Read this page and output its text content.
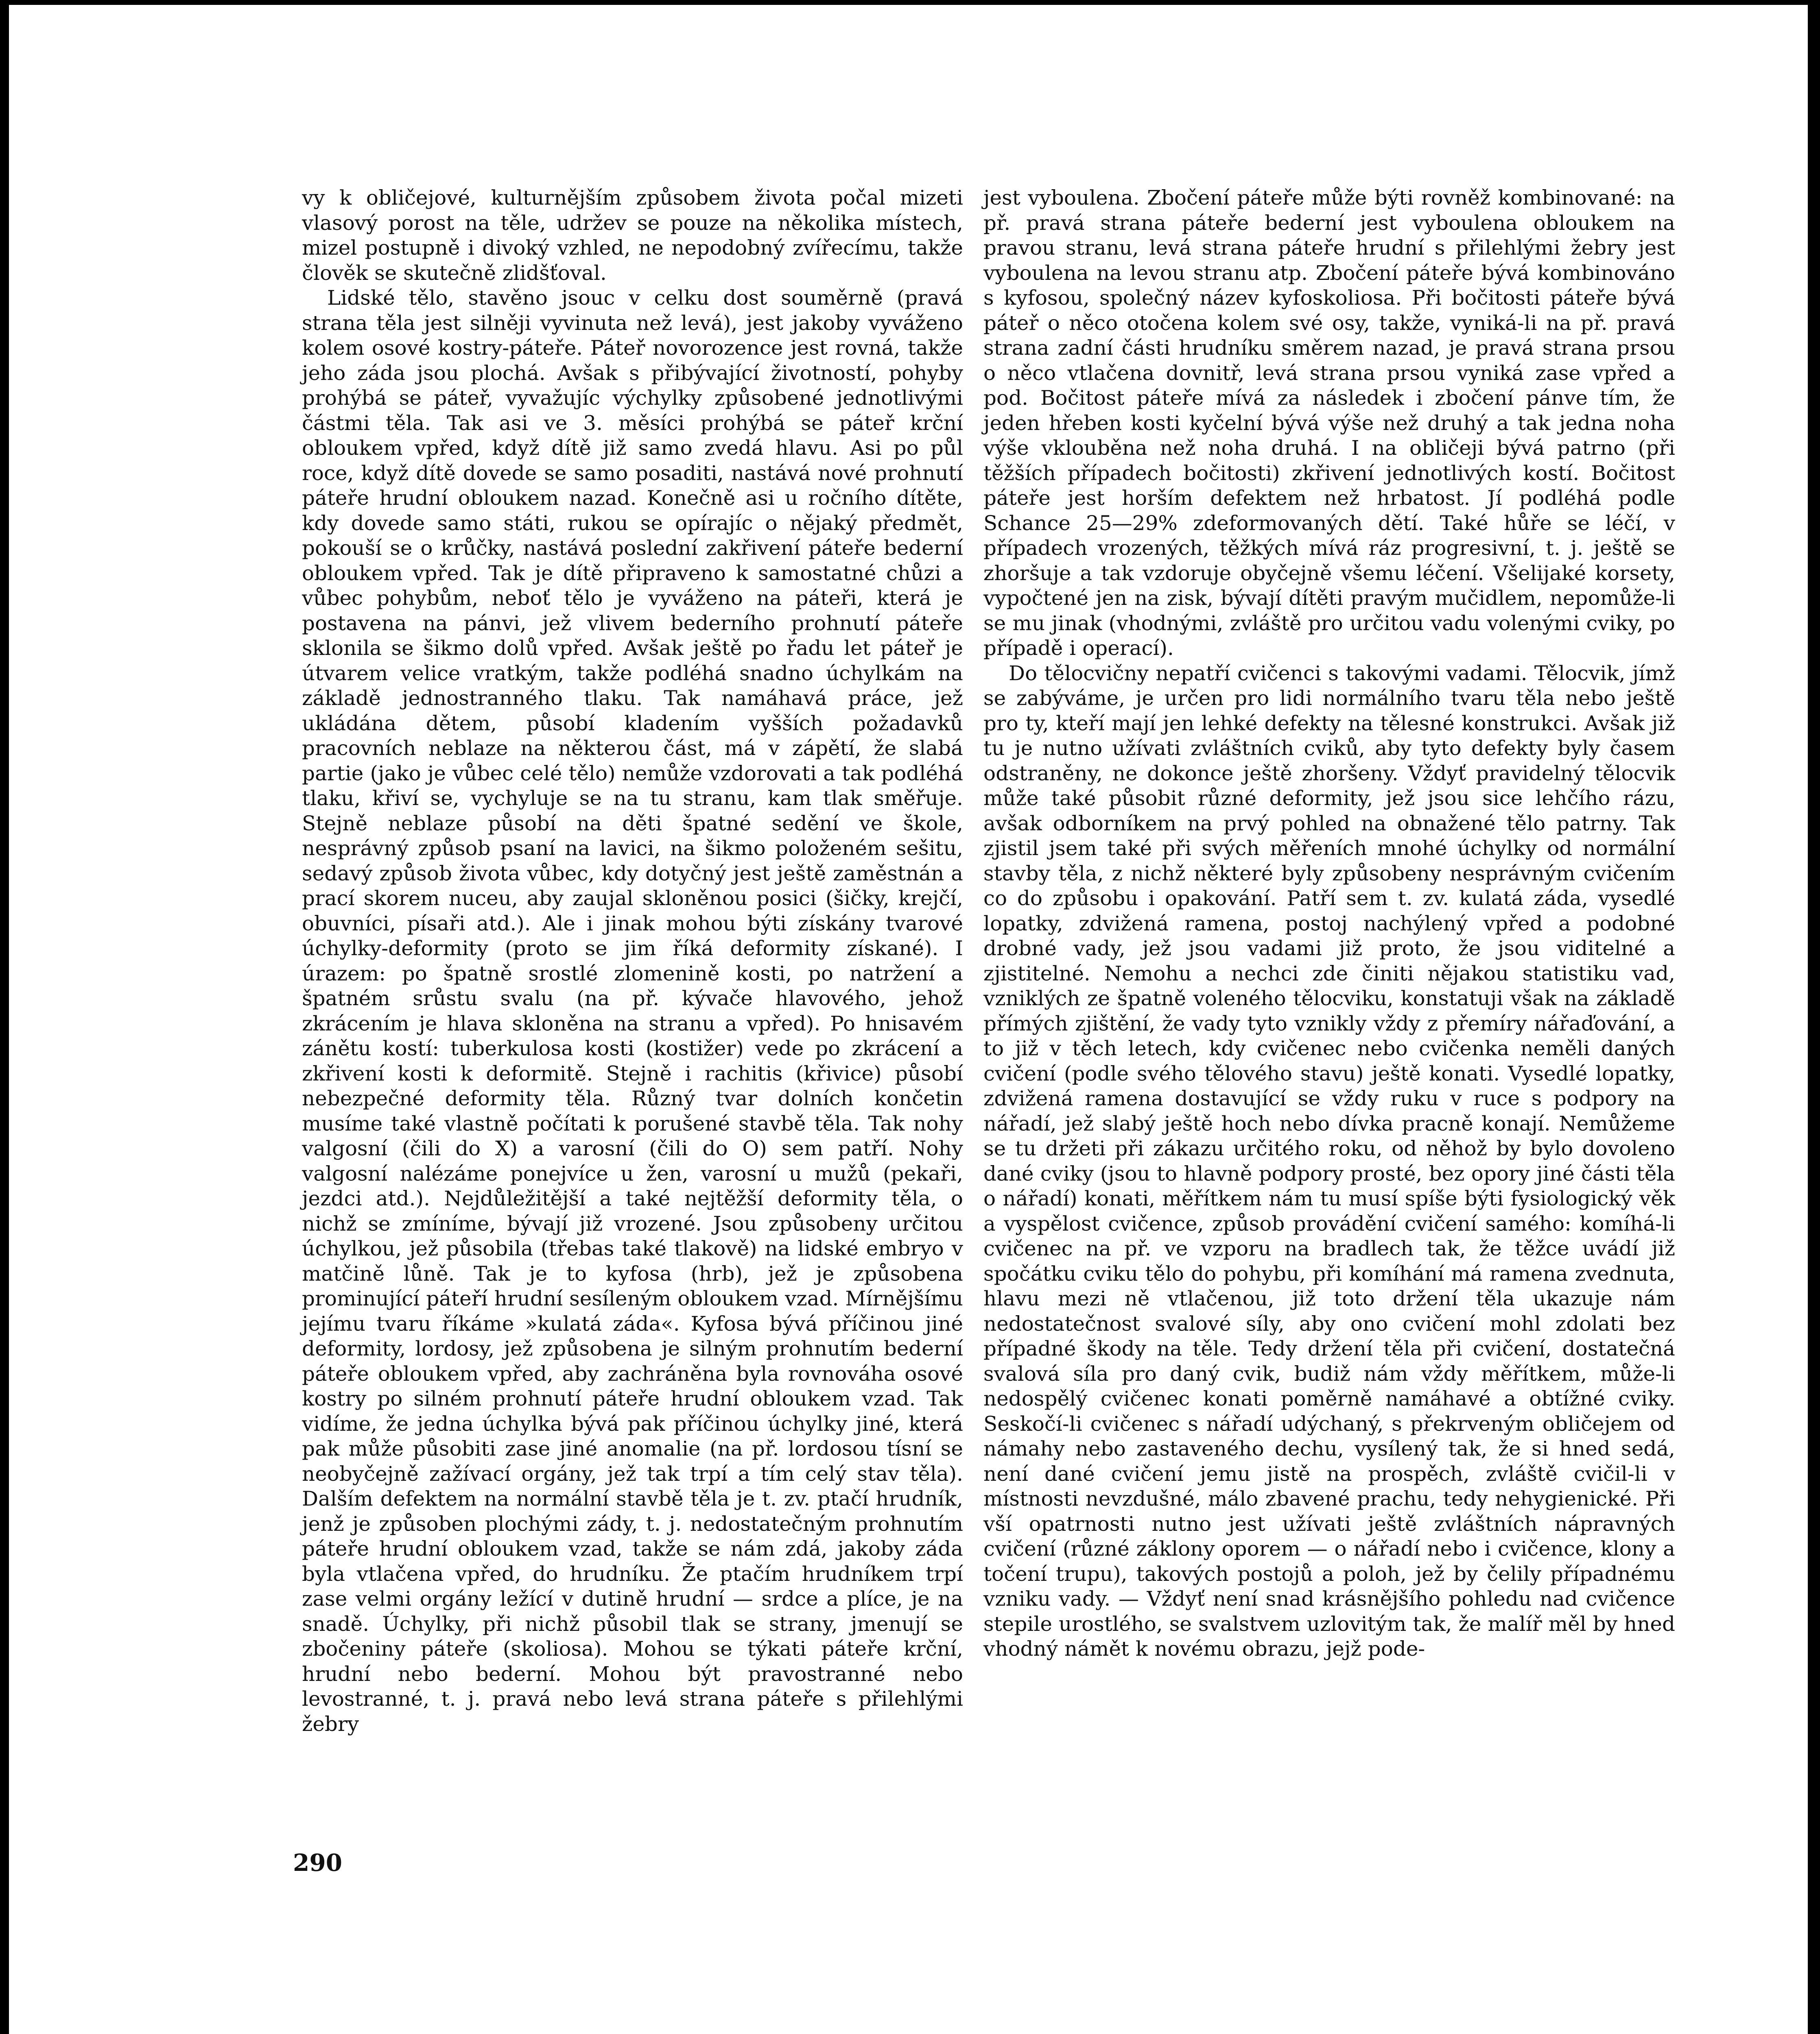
vy k obličejové, kulturnějším způsobem života počal mizeti vlasový porost na těle, udržev se pouze na několika místech, mizel postupně i divoký vzhled, ne nepodobný zvířecímu, takže člověk se skutečně zlidšťoval.

Lidské tělo, stavěno jsouc v celku dost souměrně (pravá strana těla jest silněji vyvinuta než levá), jest jakoby vyváženo kolem osové kostry-páteře. Páteř novorozence jest rovná, takže jeho záda jsou plochá. Avšak s přibývající životností, pohyby prohýbá se páteř, vyvažujíc výchylky způsobené jednotlivými částmi těla. Tak asi ve 3. měsíci prohýbá se páteř krční obloukem vpřed, když dítě již samo zvedá hlavu. Asi po půl roce, když dítě dovede se samo posaditi, nastává nové prohnutí páteře hrudní obloukem nazad. Konečně asi u ročního dítěte, kdy dovede samo státi, rukou se opírajíc o nějaký předmět, pokouší se o krůčky, nastává poslední zakřivení páteře bederní obloukem vpřed. Tak je dítě připraveno k samostatné chůzi a vůbec pohybům, neboť tělo je vyváženo na páteři, která je postavena na pánvi, jež vlivem bederního prohnutí páteře sklonila se šikmo dolů vpřed. Avšak ještě po řadu let páteř je útvarem velice vratkým, takže podléhá snadno úchylkám na základě jednostranného tlaku. Tak namáhavá práce, jež ukládána dětem, působí kladením vyšších požadavků pracovních neblaze na některou část, má v zápětí, že slabá partie (jako je vůbec celé tělo) nemůže vzdorovati a tak podléhá tlaku, křiví se, vychyluje se na tu stranu, kam tlak směřuje. Stejně neblaze působí na děti špatné sedění ve škole, nesprávný způsob psaní na lavici, na šikmo položeném sešitu, sedavý způsob života vůbec, kdy dotyčný jest ještě zaměstnán a prací skorem nuceu, aby zaujal skloněnou posici (šičky, krejčí, obuvníci, písaři atd.). Ale i jinak mohou býti získány tvarové úchylky-deformity (proto se jim říká deformity získané). I úrazem: po špatně srostlé zlomenině kosti, po natržení a špatném srůstu svalu (na př. kývače hlavového, jehož zkrácením je hlava skloněna na stranu a vpřed). Po hnisavém zánětu kostí: tuberkulosa kosti (kostižer) vede po zkrácení a zkřivení kosti k deformitě. Stejně i rachitis (křivice) působí nebezpečné deformity těla. Různý tvar dolních končetin musíme také vlastně počítati k porušené stavbě těla. Tak nohy valgosní (čili do X) a varosní (čili do O) sem patří. Nohy valgosní nalézáme ponejvíce u žen, varosní u mužů (pekaři, jezdci atd.). Nejdůležitější a také nejtěžší deformity těla, o nichž se zmíníme, bývají již vrozené. Jsou způsobeny určitou úchylkou, jež působila (třebas také tlakově) na lidské embryo v matčině lůně. Tak je to kyfosa (hrb), jež je způsobena prominující páteří hrudní sesíleným obloukem vzad. Mírnějšímu jejímu tvaru říkáme »kulatá záda«. Kyfosa bývá příčinou jiné deformity, lordosy, jež způsobena je silným prohnutím bederní páteře obloukem vpřed, aby zachráněna byla rovnováha osové kostry po silném prohnutí páteře hrudní obloukem vzad. Tak vidíme, že jedna úchylka bývá pak příčinou úchylky jiné, která pak může působiti zase jiné anomalie (na př. lordosou tísní se neobyčejně zažívací orgány, jež tak trpí a tím celý stav těla). Dalším defektem na normální stavbě těla je t. zv. ptačí hrudník, jenž je způsoben plochými zády, t. j. nedostatečným prohnutím páteře hrudní obloukem vzad, takže se nám zdá, jakoby záda byla vtlačena vpřed, do hrudníku. Že ptačím hrudníkem trpí zase velmi orgány ležící v dutině hrudní — srdce a plíce, je na snadě. Úchylky, při nichž působil tlak se strany, jmenují se zbočeniny páteře (skoliosa). Mohou se týkati páteře krční, hrudní nebo bederní. Mohou být pravostranné nebo levostranné, t. j. pravá nebo levá strana páteře s přilehlými žebry

jest vyboulena. Zbočení páteře může býti rovněž kombinované: na př. pravá strana páteře bederní jest vyboulena obloukem na pravou stranu, levá strana páteře hrudní s přilehlými žebry jest vyboulena na levou stranu atp. Zbočení páteře bývá kombinováno s kyfosou, společný název kyfoskoliosa. Při bočitosti páteře bývá páteř o něco otočena kolem své osy, takže, vyniká-li na př. pravá strana zadní části hrudníku směrem nazad, je pravá strana prsou o něco vtlačena dovnitř, levá strana prsou vyniká zase vpřed a pod. Bočitost páteře mívá za následek i zbočení pánve tím, že jeden hřeben kosti kyčelní bývá výše než druhý a tak jedna noha výše vklouběna než noha druhá. I na obličeji bývá patrno (při těžších případech bočitosti) zkřivení jednotlivých kostí. Bočitost páteře jest horším defektem než hrbatost. Jí podléhá podle Schance 25—29% zdeformovaných dětí. Také hůře se léčí, v případech vrozených, těžkých mívá ráz progresivní, t. j. ještě se zhoršuje a tak vzdoruje obyčejně všemu léčení. Všelijaké korsety, vypočtené jen na zisk, bývají dítěti pravým mučidlem, nepomůže-li se mu jinak (vhodnými, zvláště pro určitou vadu volenými cviky, po případě i operací).

Do tělocvičny nepatří cvičenci s takovými vadami. Tělocvik, jímž se zabýváme, je určen pro lidi normálního tvaru těla nebo ještě pro ty, kteří mají jen lehké defekty na tělesné konstrukci. Avšak již tu je nutno užívati zvláštních cviků, aby tyto defekty byly časem odstraněny, ne dokonce ještě zhoršeny. Vždyť pravidelný tělocvik může také působit různé deformity, jež jsou sice lehčího rázu, avšak odborníkem na prvý pohled na obnažené tělo patrny. Tak zjistil jsem také při svých měřeních mnohé úchylky od normální stavby těla, z nichž některé byly způsobeny nesprávným cvičením co do způsobu i opakování. Patří sem t. zv. kulatá záda, vysedlé lopatky, zdvižená ramena, postoj nachýlený vpřed a podobné drobné vady, jež jsou vadami již proto, že jsou viditelné a zjistitelné. Nemohu a nechci zde činiti nějakou statistiku vad, vzniklých ze špatně voleného tělocviku, konstatuji však na základě přímých zjištění, že vady tyto vznikly vždy z přemíry nářaďování, a to již v těch letech, kdy cvičenec nebo cvičenka neměli daných cvičení (podle svého tělového stavu) ještě konati. Vysedlé lopatky, zdvižená ramena dostavující se vždy ruku v ruce s podpory na nářadí, jež slabý ještě hoch nebo dívka pracně konají. Nemůžeme se tu držeti při zákazu určitého roku, od něhož by bylo dovoleno dané cviky (jsou to hlavně podpory prosté, bez opory jiné části těla o nářadí) konati, měřítkem nám tu musí spíše býti fysiologický věk a vyspělost cvičence, způsob provádění cvičení samého: komíhá-li cvičenec na př. ve vzporu na bradlech tak, že těžce uvádí již spočátku cviku tělo do pohybu, při komíhání má ramena zvednuta, hlavu mezi ně vtlačenou, již toto držení těla ukazuje nám nedostatečnost svalové síly, aby ono cvičení mohl zdolati bez případné škody na těle. Tedy držení těla při cvičení, dostatečná svalová síla pro daný cvik, budiž nám vždy měřítkem, může-li nedospělý cvičenec konati poměrně namáhavé a obtížné cviky. Seskočí-li cvičenec s nářadí udýchaný, s překrveným obličejem od námahy nebo zastaveného dechu, vysílený tak, že si hned sedá, není dané cvičení jemu jistě na prospěch, zvláště cvičil-li v místnosti nevzdušné, málo zbavené prachu, tedy nehygienické. Při vší opatrnosti nutno jest užívati ještě zvláštních nápravných cvičení (různé záklony oporem — o nářadí nebo i cvičence, klony a točení trupu), takových postojů a poloh, jež by čelily případnému vzniku vady. — Vždyť není snad krásnějšího pohledu nad cvičence stepile urostlého, se svalstvem uzlovitým tak, že malíř měl by hned vhodný námět k novému obrazu, jejž pode-

290
